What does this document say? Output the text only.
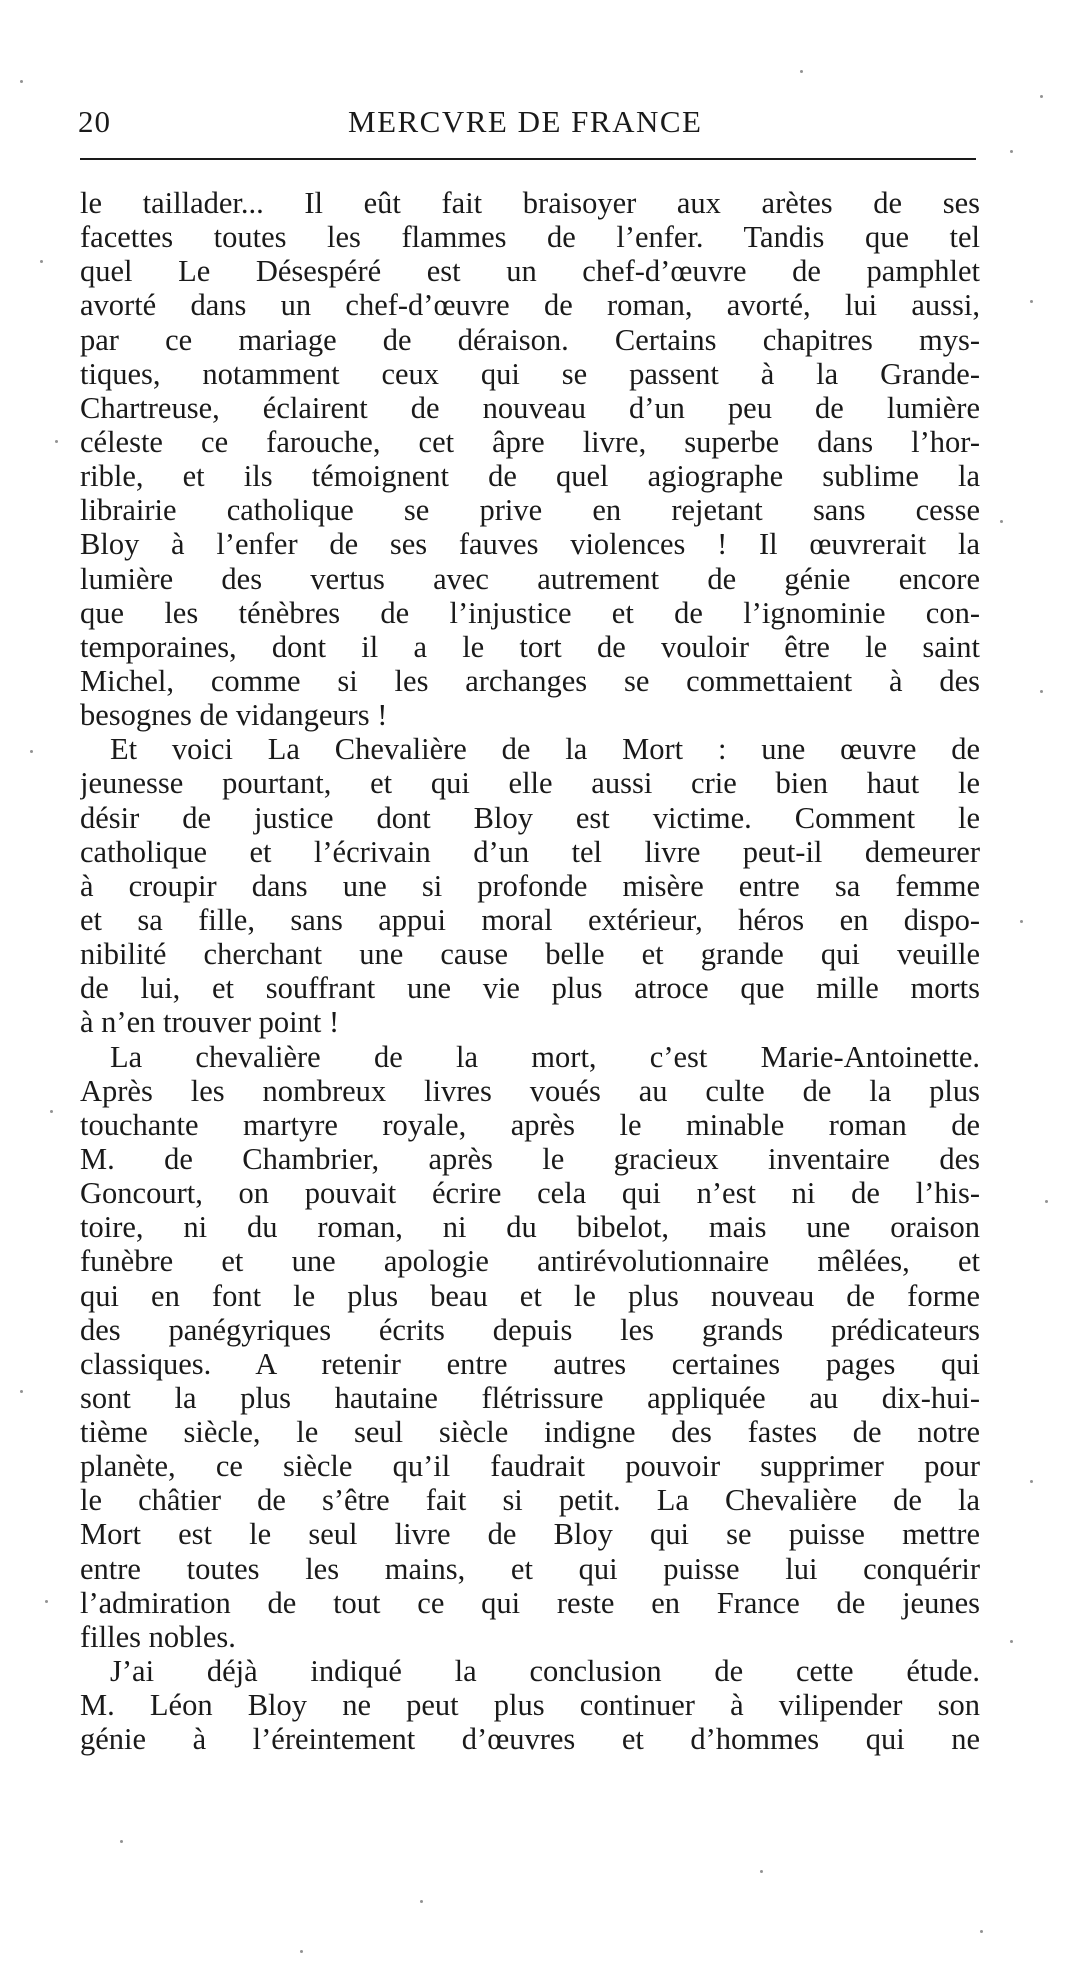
20	MERCVRE DE FRANCE
le taillader... Il eût fait braisoyer aux arètes de ses
facettes toutes les flammes de l’enfer. Tandis que tel
quel Le Désespéré est un chef-d’œuvre de pamphlet
avorté dans un chef-d’œuvre de roman, avorté, lui aussi,
par ce mariage de déraison. Certains chapitres mys-
tiques, notamment ceux qui se passent à la Grande-
Chartreuse, éclairent de nouveau d’un peu de lumière
céleste ce farouche, cet âpre livre, superbe dans l’hor-
rible, et ils témoignent de quel agiographe sublime la
librairie catholique se prive en rejetant sans cesse
Bloy à l’enfer de ses fauves violences ! Il œuvrerait la
lumière des vertus avec autrement de génie encore
que les ténèbres de l’injustice et de l’ignominie con-
temporaines, dont il a le tort de vouloir être le saint
Michel, comme si les archanges se commettaient à des
besognes de vidangeurs !
Et voici La Chevalière de la Mort : une œuvre de
jeunesse pourtant, et qui elle aussi crie bien haut le
désir de justice dont Bloy est victime. Comment le
catholique et l’écrivain d’un tel livre peut-il demeurer
à croupir dans une si profonde misère entre sa femme
et sa fille, sans appui moral extérieur, héros en dispo-
nibilité cherchant une cause belle et grande qui veuille
de lui, et souffrant une vie plus atroce que mille morts
à n’en trouver point !
La chevalière de la mort, c’est Marie-Antoinette.
Après les nombreux livres voués au culte de la plus
touchante martyre royale, après le minable roman de
M. de Chambrier, après le gracieux inventaire des
Goncourt, on pouvait écrire cela qui n’est ni de l’his-
toire, ni du roman, ni du bibelot, mais une oraison
funèbre et une apologie antirévolutionnaire mêlées, et
qui en font le plus beau et le plus nouveau de forme
des panégyriques écrits depuis les grands prédicateurs
classiques. A retenir entre autres certaines pages qui
sont la plus hautaine flétrissure appliquée au dix-hui-
tième siècle, le seul siècle indigne des fastes de notre
planète, ce siècle qu’il faudrait pouvoir supprimer pour
le châtier de s’être fait si petit. La Chevalière de la
Mort est le seul livre de Bloy qui se puisse mettre
entre toutes les mains, et qui puisse lui conquérir
l’admiration de tout ce qui reste en France de jeunes
filles nobles.
J’ai déjà indiqué la conclusion de cette étude.
M. Léon Bloy ne peut plus continuer à vilipender son
génie à l’éreintement d’œuvres et d’hommes qui ne
